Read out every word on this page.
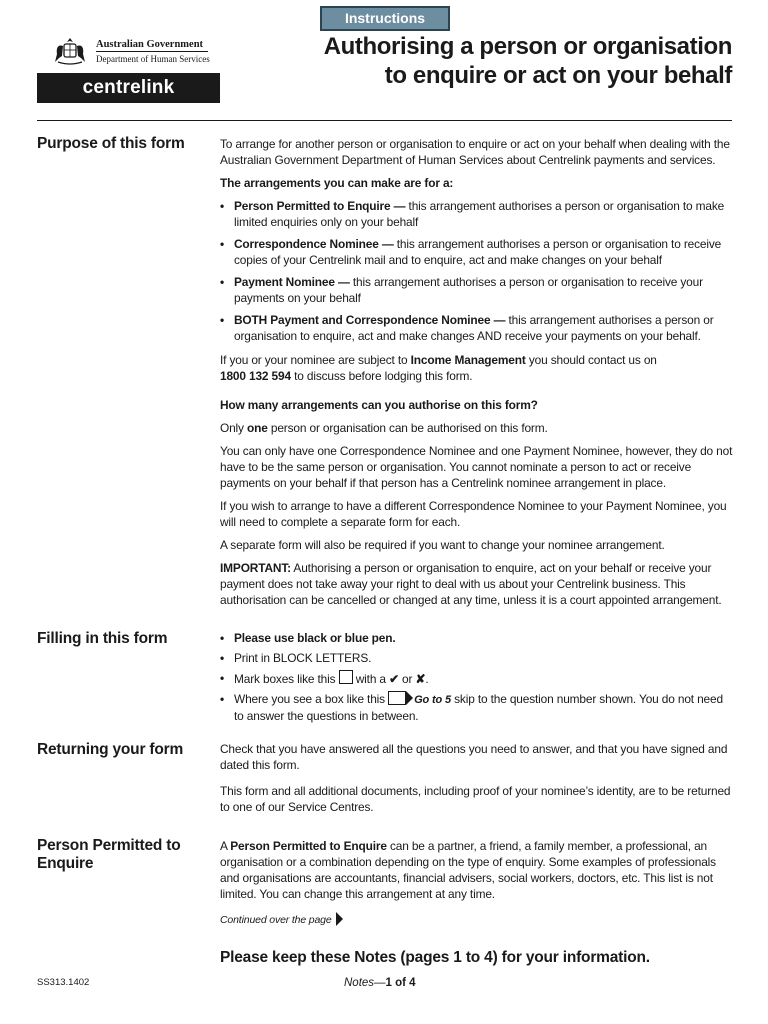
Instructions
Australian Government
Department of Human Services
centrelink
Authorising a person or organisation
to enquire or act on your behalf
Purpose of this form	To arrange for another person or organisation to enquire or act on your behalf when dealing with the Australian Government Department of Human Services about Centrelink payments and services.

The arrangements you can make are for a:

• Person Permitted to Enquire — this arrangement authorises a person or organisation to make limited enquiries only on your behalf
• Correspondence Nominee — this arrangement authorises a person or organisation to receive copies of your Centrelink mail and to enquire, act and make changes on your behalf
• Payment Nominee — this arrangement authorises a person or organisation to receive your payments on your behalf
• BOTH Payment and Correspondence Nominee — this arrangement authorises a person or organisation to enquire, act and make changes AND receive your payments on your behalf.

If you or your nominee are subject to Income Management you should contact us on
1800 132 594 to discuss before lodging this form.

How many arrangements can you authorise on this form?

Only one person or organisation can be authorised on this form.

You can only have one Correspondence Nominee and one Payment Nominee, however, they do not have to be the same person or organisation. You cannot nominate a person to act or receive payments on your behalf if that person has a Centrelink nominee arrangement in place.

If you wish to arrange to have a different Correspondence Nominee to your Payment Nominee, you will need to complete a separate form for each.

A separate form will also be required if you want to change your nominee arrangement.

IMPORTANT: Authorising a person or organisation to enquire, act on your behalf or receive your payment does not take away your right to deal with us about your Centrelink business. This authorisation can be cancelled or changed at any time, unless it is a court appointed arrangement.

Filling in this form
•	Please use black or blue pen.
• Print in BLOCK LETTERS.
• Mark boxes like this  with a ✔ or ✘.
• Where you see a box like this Go to 5 skip to the question number shown. You do not need to answer the questions in between.
Returning your form	Check that you have answered all the questions you need to answer, and that you have signed and dated this form.

This form and all additional documents, including proof of your nominee’s identity, are to be returned to one of our Service Centres.

Person Permitted to Enquire

A Person Permitted to Enquire can be a partner, a friend, a family member, a professional, an organisation or a combination depending on the type of enquiry. Some examples of professionals and organisations are accountants, financial advisers, social workers, doctors, etc. This list is not limited. You can change this arrangement at any time.

Continued over the page

Please keep these Notes (pages 1 to 4) for your information.
SS313.1402	Notes—1 of 4
